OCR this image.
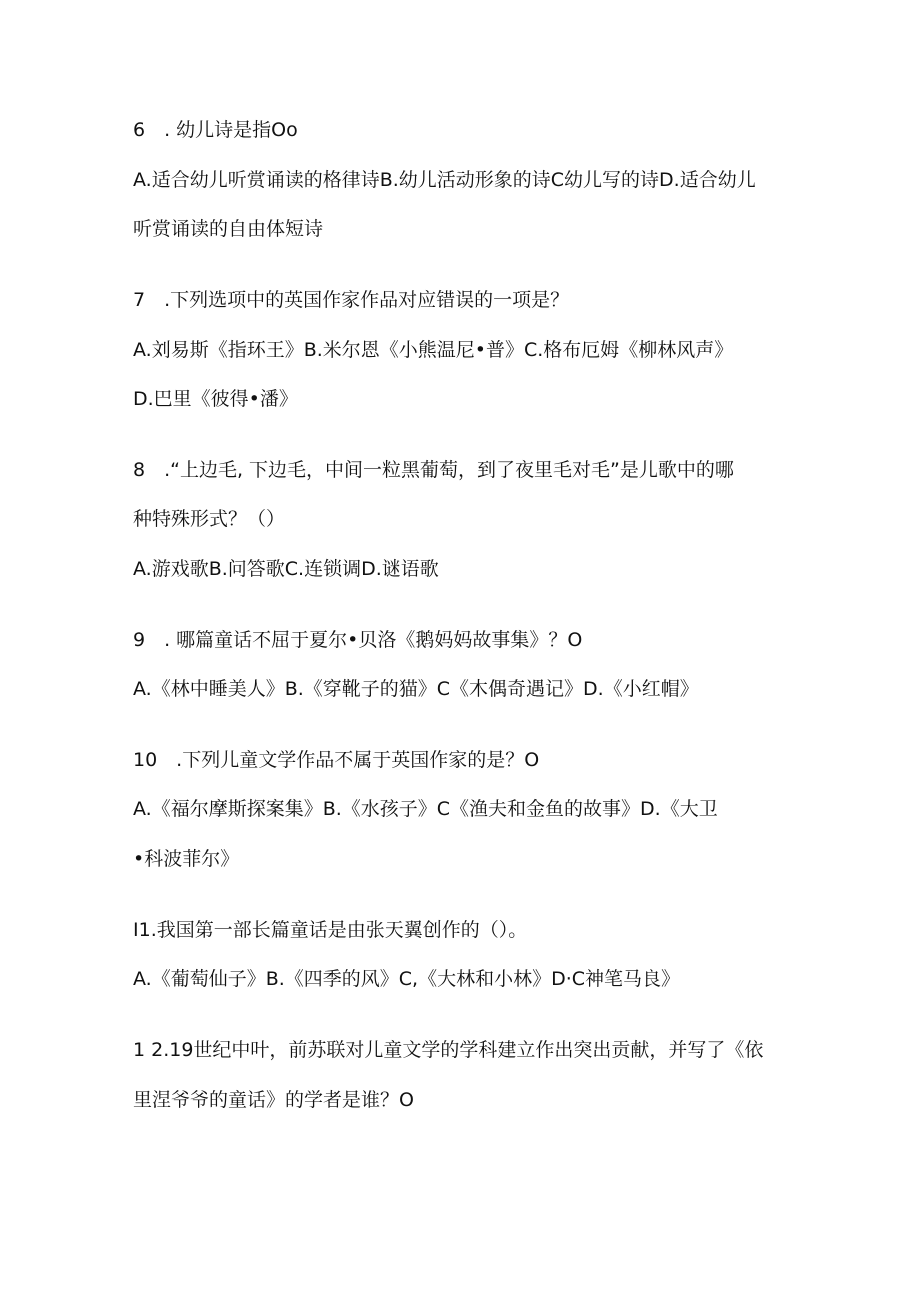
6　. 幼儿诗是指Oo
A.适合幼儿听赏诵读的格律诗B.幼儿活动形象的诗C幼儿写的诗D.适合幼儿
听赏诵读的自由体短诗
7　.下列选项中的英国作家作品对应错误的一项是？
A.刘易斯《指环王》B.米尔恩《小熊温尼•普》C.格布厄姆《柳林风声》
D.巴里《彼得•潘》
8　.“上边毛, 下边毛，中间一粒黑葡萄，到了夜里毛对毛”是儿歌中的哪
种特殊形式？（）
A.游戏歌B.问答歌C.连锁调D.谜语歌
9　. 哪篇童话不屈于夏尔•贝洛《鹅妈妈故事集》？O
A.《林中睡美人》B.《穿靴子的猫》C《木偶奇遇记》D.《小红帽》
10　.下列儿童文学作品不属于英国作家的是？O
A.《福尔摩斯探案集》B.《水孩子》C《渔夫和金鱼的故事》D.《大卫
•科波菲尔》
I1.我国第一部长篇童话是由张天翼创作的（）。
A.《葡萄仙子》B.《四季的风》C,《大林和小林》D·C神笔马良》
1 2.19世纪中叶，前苏联对儿童文学的学科建立作出突出贡献，并写了《依
里涅爷爷的童话》的学者是谁？O
